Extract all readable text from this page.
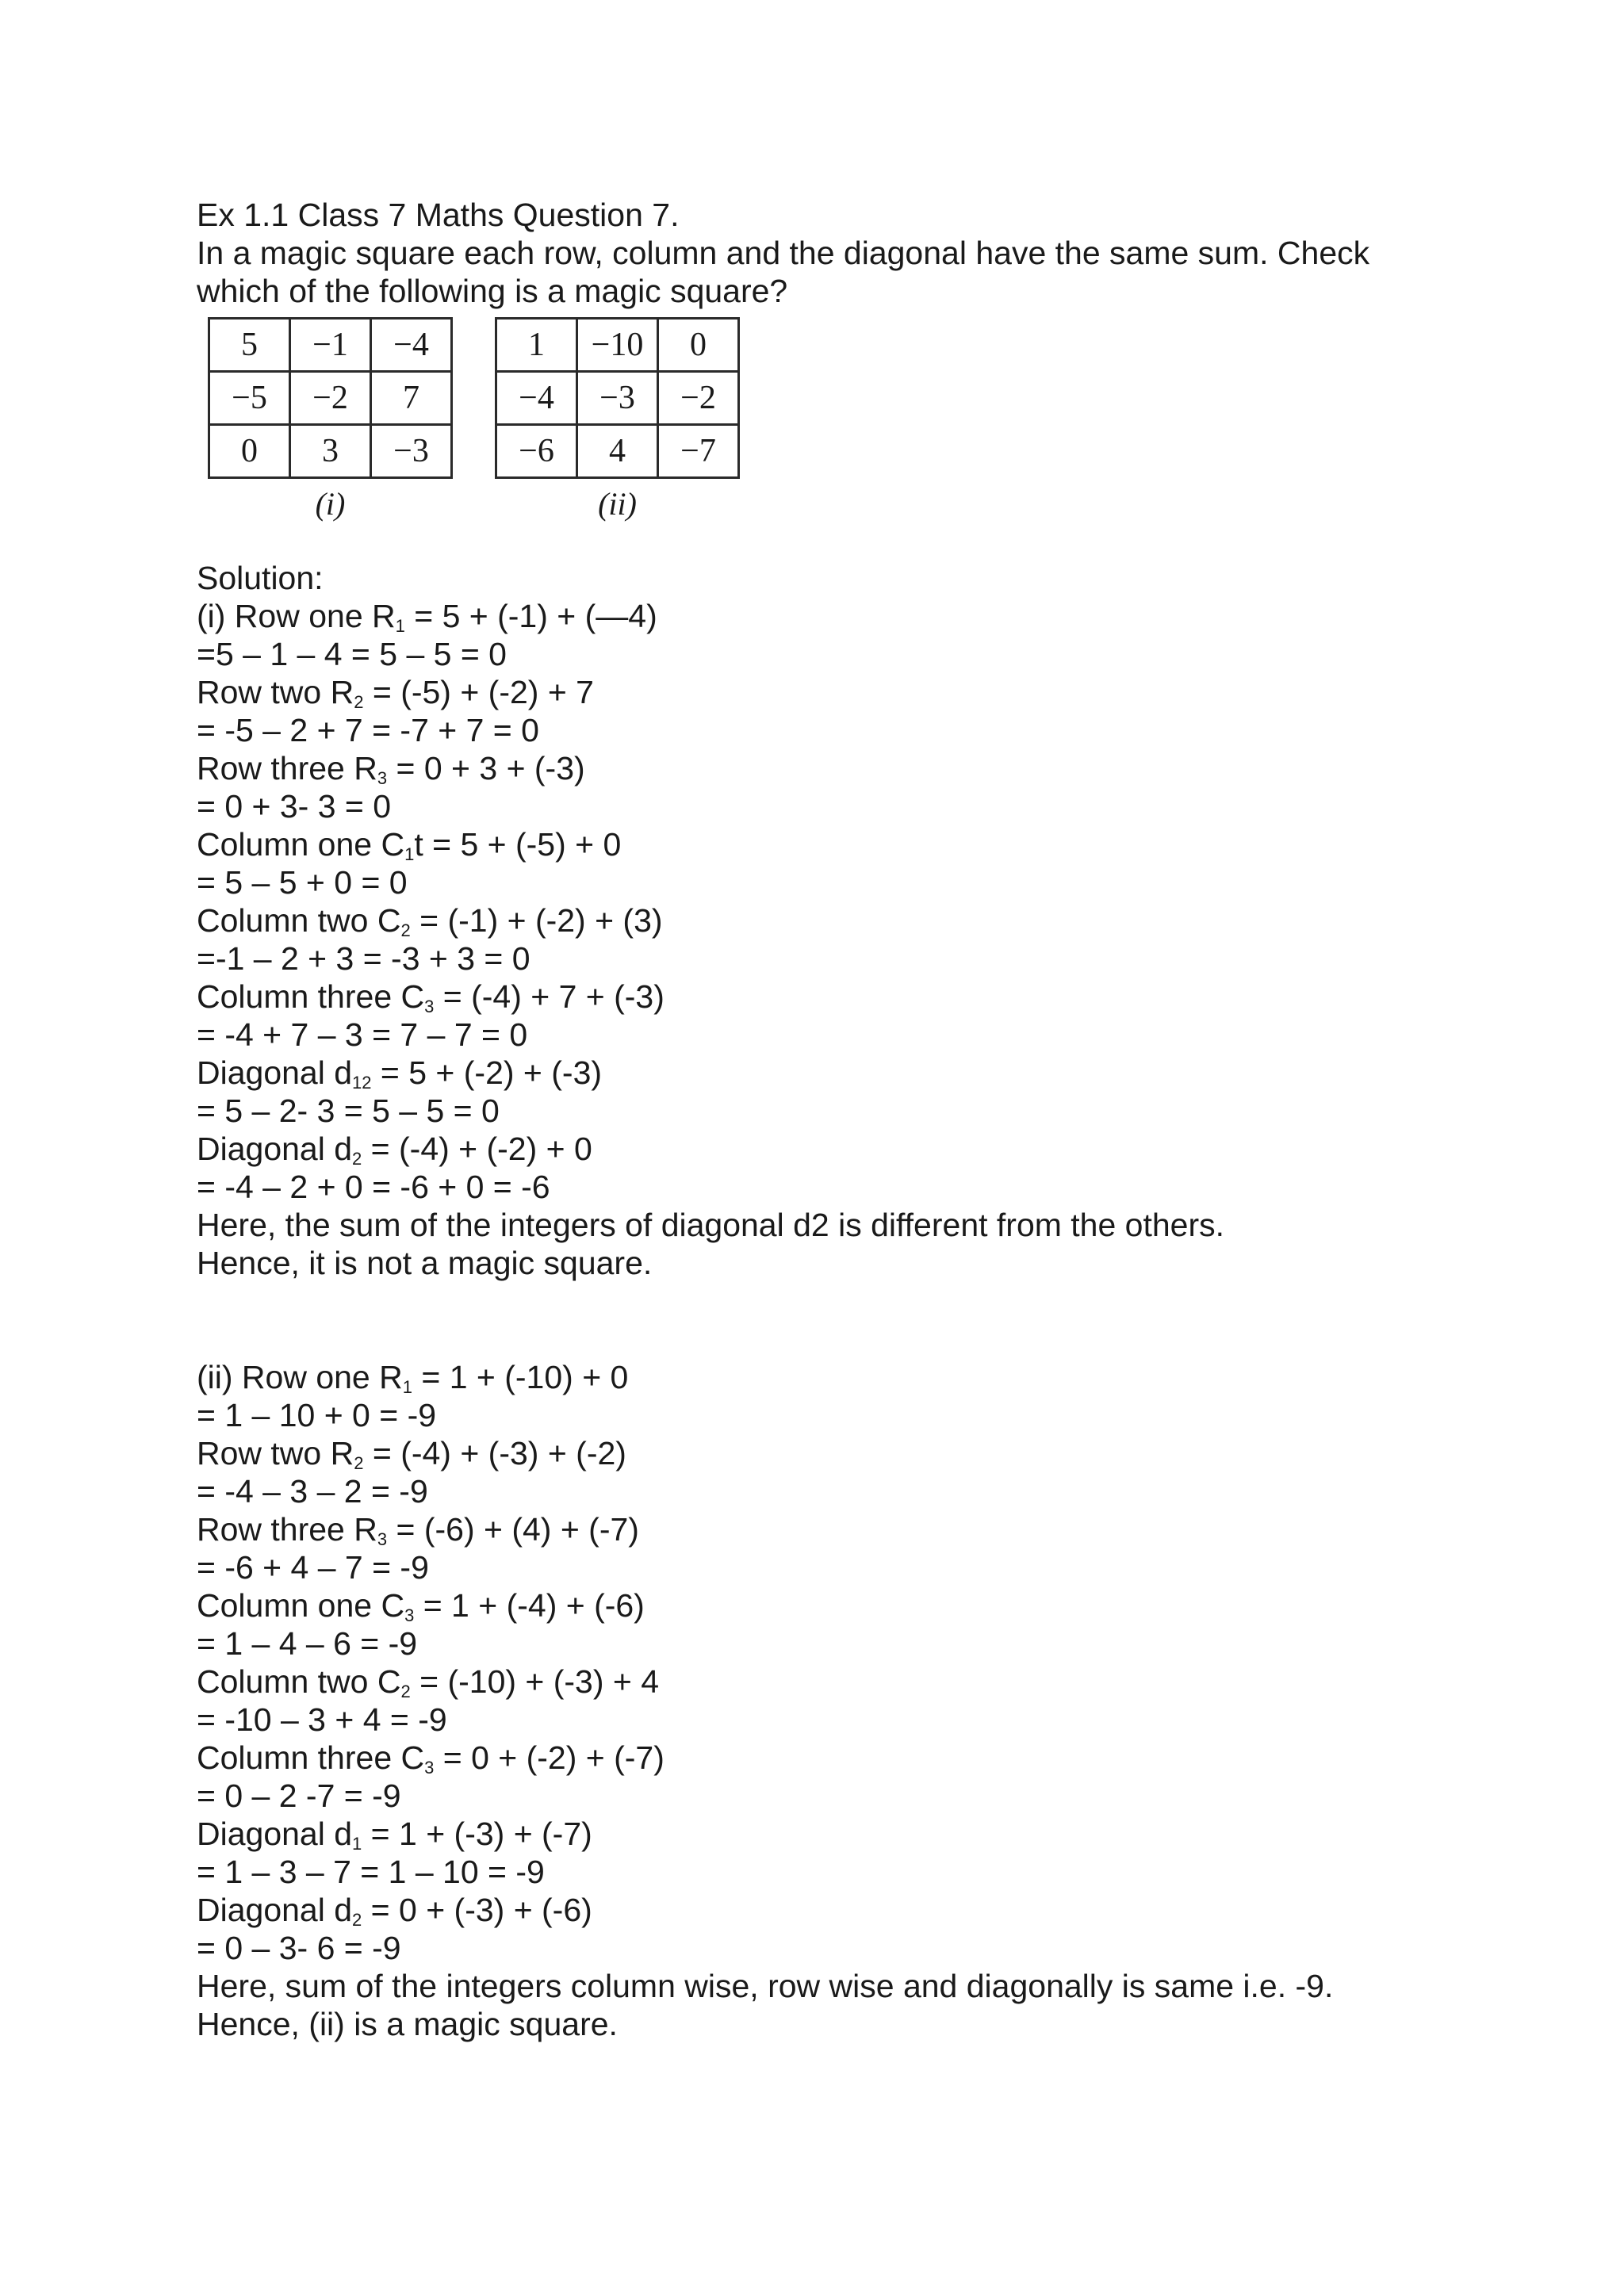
Ex 1.1 Class 7 Maths Question 7.
In a magic square each row, column and the diagonal have the same sum. Check
which of the following is a magic square?
5	−1	−4
−5	−2	7
0	3	−3
(i)
1	−10	0
−4	−3	−2
−6	4	−7
(ii)
Solution:
(i) Row one $R_1 = 5 + (-1)$ + (—4)
=5 – 1 – 4 = 5 – 5 = 0
Row two $R_2 = (-5) + (-2) + 7$
= -5 – 2 + 7 = -7 + 7 = 0
Row three $R_3 = 0 + 3 + (-3)$
= 0 + 3- 3 = 0
Column one $C_1t = 5 + (-5) + 0$
= 5 – 5 + 0 = 0
Column two $C_2 = (-1) + (-2) + (3)$
=-1 – 2 + 3 = -3 + 3 = 0
Column three $C_3 = (-4) + 7 + (-3)$
= -4 + 7 – 3 = 7 – 7 = 0
Diagonal $d_{12} = 5 + (-2) + (-3)$
= 5 – 2- 3 = 5 – 5 = 0
Diagonal $d_2 = (-4) + (-2) + 0$
= -4 – 2 + 0 = -6 + 0 = -6
Here, the sum of the integers of diagonal d2 is different from the others.
Hence, it is not a magic square.
(ii) Row one $R_1 = 1 + (-10) + 0$
= 1 – 10 + 0 = -9
Row two $R_2 = (-4) + (-3) + (-2)$
= -4 – 3 – 2 = -9
Row three $R_3 = (-6) + (4) + (-7)$
= -6 + 4 – 7 = -9
Column one $C_3 = 1 + (-4) + (-6)$
= 1 – 4 – 6 = -9
Column two $C_2 = (-10) + (-3) + 4$
= -10 – 3 + 4 = -9
Column three $C_3 = 0 + (-2) + (-7)$
= 0 – 2 -7 = -9
Diagonal $d_1 = 1 + (-3) + (-7)$
= 1 – 3 – 7 = 1 – 10 = -9
Diagonal $d_2 = 0 + (-3) + (-6)$
= 0 – 3- 6 = -9
Here, sum of the integers column wise, row wise and diagonally is same i.e. -9.
Hence, (ii) is a magic square.
